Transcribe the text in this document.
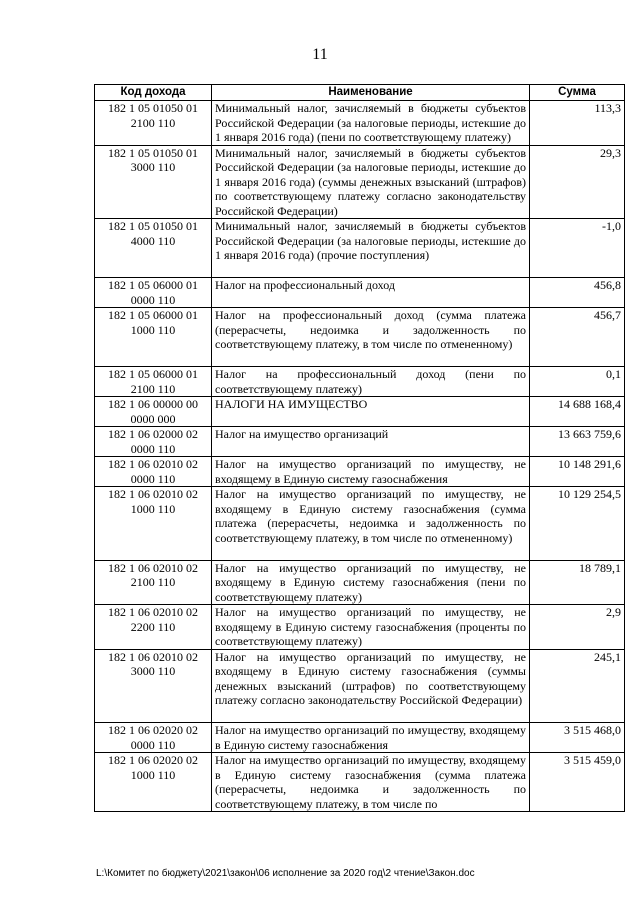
11
Код дохода	Наименование	Сумма
182 1 05 01050 01 2100 110	Минимальный налог, зачисляемый в бюджеты субъектов Российской Федерации (за налоговые периоды, истекшие до 1 января 2016 года) (пени по соответствующему платежу)	113,3
182 1 05 01050 01 3000 110	Минимальный налог, зачисляемый в бюджеты субъектов Российской Федерации (за налоговые периоды, истекшие до 1 января 2016 года) (суммы денежных взысканий (штрафов) по соответствующему платежу согласно законодательству Российской Федерации)	29,3
182 1 05 01050 01 4000 110	Минимальный налог, зачисляемый в бюджеты субъектов Российской Федерации (за налоговые периоды, истекшие до 1 января 2016 года) (прочие поступления)	-1,0
182 1 05 06000 01 0000 110	Налог на профессиональный доход	456,8
182 1 05 06000 01 1000 110	Налог на профессиональный доход (сумма платежа (перерасчеты, недоимка и задолженность по соответствующему платежу, в том числе по отмененному)	456,7
182 1 05 06000 01 2100 110	Налог на профессиональный доход (пени по соответствующему платежу)	0,1
182 1 06 00000 00 0000 000	НАЛОГИ НА ИМУЩЕСТВО	14 688 168,4
182 1 06 02000 02 0000 110	Налог на имущество организаций	13 663 759,6
182 1 06 02010 02 0000 110	Налог на имущество организаций по имуществу, не входящему в Единую систему газоснабжения	10 148 291,6
182 1 06 02010 02 1000 110	Налог на имущество организаций по имуществу, не входящему в Единую систему газоснабжения (сумма платежа (перерасчеты, недоимка и задолженность по соответствующему платежу, в том числе по отмененному)	10 129 254,5
182 1 06 02010 02 2100 110	Налог на имущество организаций по имуществу, не входящему в Единую систему газоснабжения (пени по соответствующему платежу)	18 789,1
182 1 06 02010 02 2200 110	Налог на имущество организаций по имуществу, не входящему в Единую систему газоснабжения (проценты по соответствующему платежу)	2,9
182 1 06 02010 02 3000 110	Налог на имущество организаций по имуществу, не входящему в Единую систему газоснабжения (суммы денежных взысканий (штрафов) по соответствующему платежу согласно законодательству Российской Федерации)	245,1
182 1 06 02020 02 0000 110	Налог на имущество организаций по имуществу, входящему в Единую систему газоснабжения	3 515 468,0
182 1 06 02020 02 1000 110	Налог на имущество организаций по имуществу, входящему в Единую систему газоснабжения (сумма платежа (перерасчеты, недоимка и задолженность по соответствующему платежу, в том числе по	3 515 459,0
L:\Комитет по бюджету\2021\закон\06 исполнение за 2020 год\2 чтение\Закон.doc
